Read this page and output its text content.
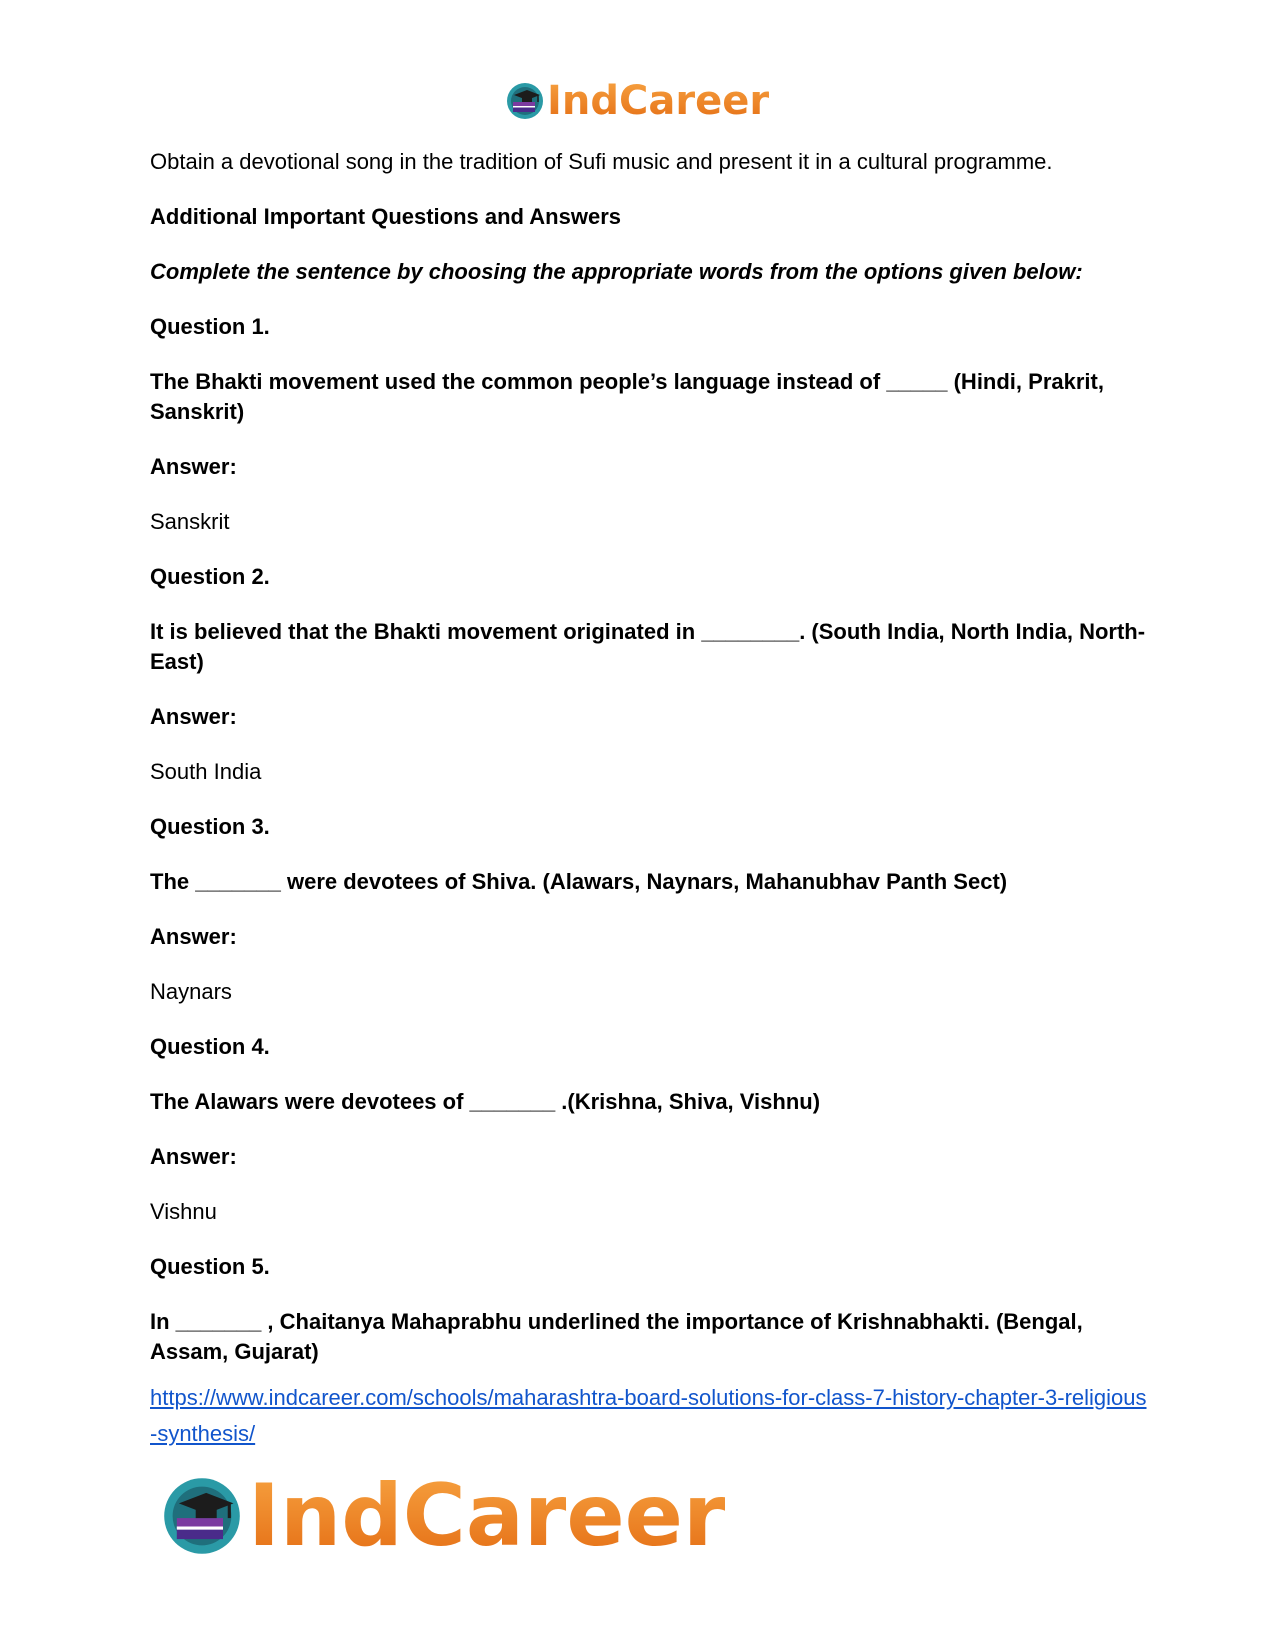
IndCareer

Obtain a devotional song in the tradition of Sufi music and present it in a cultural programme.

Additional Important Questions and Answers

Complete the sentence by choosing the appropriate words from the options given below:

Question 1.

The Bhakti movement used the common people’s language instead of _____ (Hindi, Prakrit, Sanskrit)

Answer:

Sanskrit

Question 2.

It is believed that the Bhakti movement originated in ________. (South India, North India, North-East)

Answer:

South India

Question 3.

The _______ were devotees of Shiva. (Alawars, Naynars, Mahanubhav Panth Sect)

Answer:

Naynars

Question 4.

The Alawars were devotees of _______ .(Krishna, Shiva, Vishnu)

Answer:

Vishnu

Question 5.

In _______ , Chaitanya Mahaprabhu underlined the importance of Krishnabhakti. (Bengal, Assam, Gujarat)

https://www.indcareer.com/schools/maharashtra-board-solutions-for-class-7-history-chapter-3-religious-synthesis/
IndCareer
